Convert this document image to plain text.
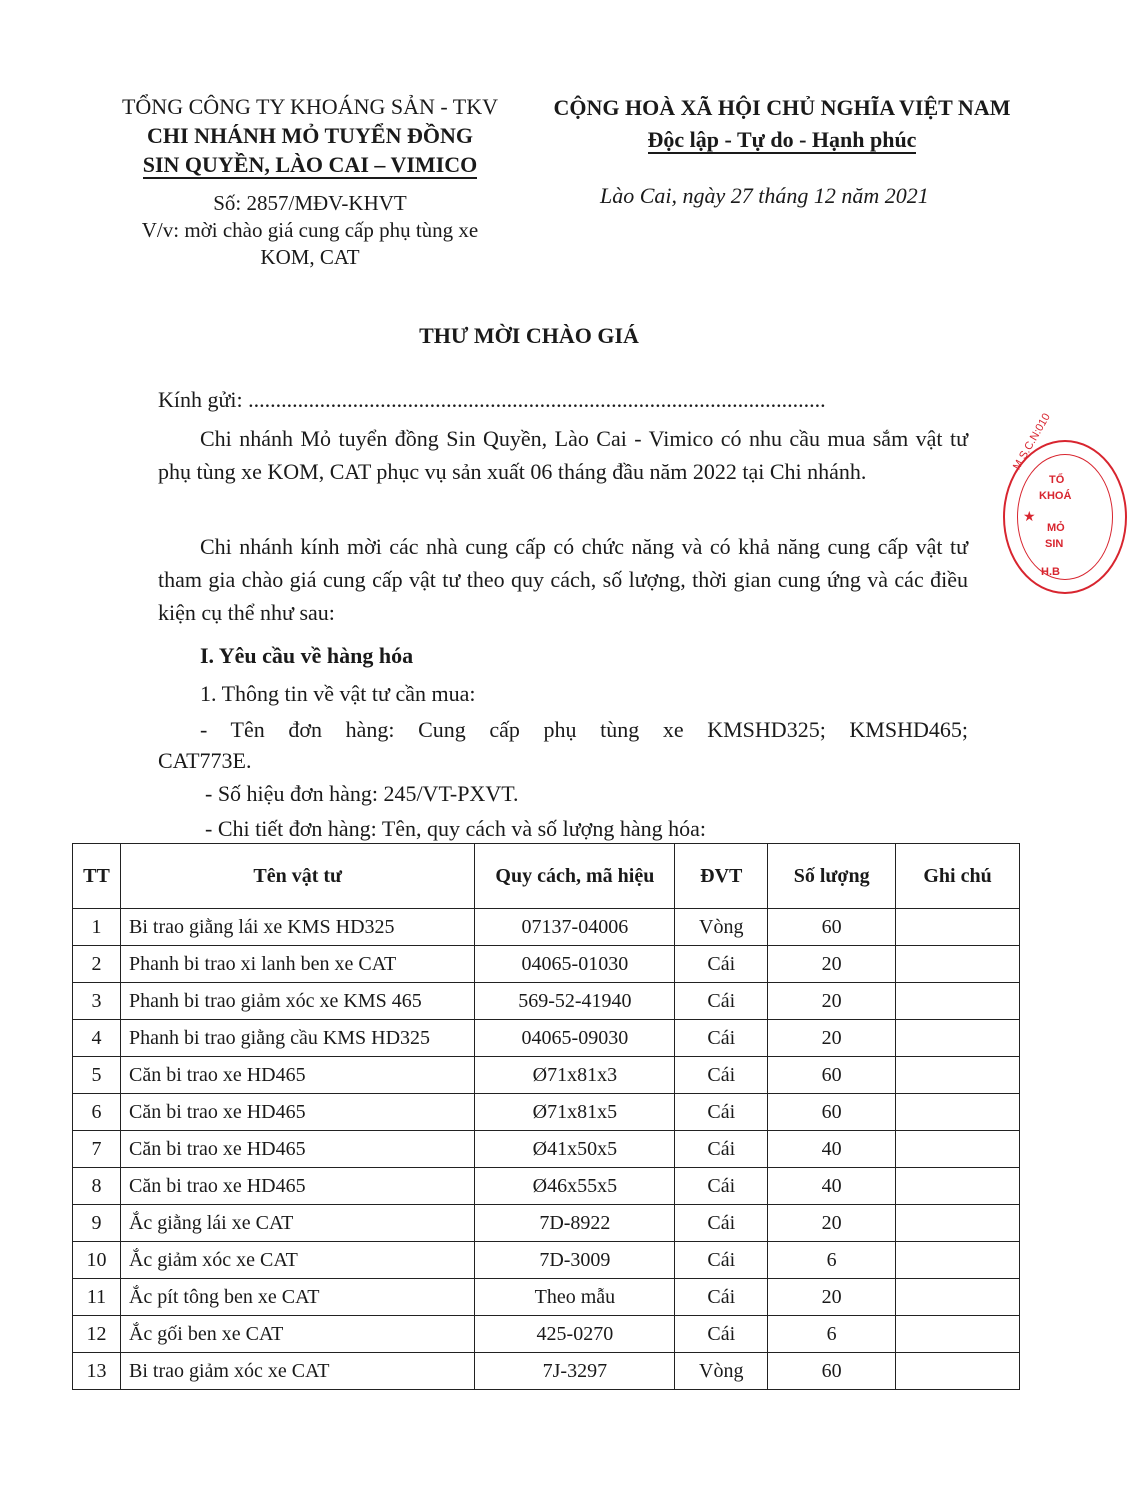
TỔNG CÔNG TY KHOÁNG SẢN - TKV
CHI NHÁNH MỎ TUYỂN ĐỒNG
SIN QUYỀN, LÀO CAI – VIMICO
Số: 2857/MĐV-KHVT
V/v: mời chào giá cung cấp phụ tùng xe
KOM, CAT
CỘNG HOÀ XÃ HỘI CHỦ NGHĨA VIỆT NAM
Độc lập - Tự do - Hạnh phúc
Lào Cai, ngày 27 tháng 12 năm 2021
M.S.C.N:010
TỔ
KHOÁ
★
MỎ
SIN
H.B
THƯ MỜI CHÀO GIÁ
Kính gửi: .........................................................................................................
Chi nhánh Mỏ tuyển đồng Sin Quyền, Lào Cai - Vimico có nhu cầu mua sắm vật tư phụ tùng xe KOM, CAT phục vụ sản xuất 06 tháng đầu năm 2022 tại Chi nhánh.
Chi nhánh kính mời các nhà cung cấp có chức năng và có khả năng cung cấp vật tư tham gia chào giá cung cấp vật tư theo quy cách, số lượng, thời gian cung ứng và các điều kiện cụ thể như sau:
I. Yêu cầu về hàng hóa
1. Thông tin về vật tư cần mua:
- Tên đơn hàng: Cung cấp phụ tùng xe KMSHD325; KMSHD465;
CAT773E.
- Số hiệu đơn hàng: 245/VT-PXVT.
- Chi tiết đơn hàng: Tên, quy cách và số lượng hàng hóa:
TT	Tên vật tư	Quy cách, mã hiệu	ĐVT	Số lượng	Ghi chú
1	Bi trao giằng lái xe KMS HD325	07137-04006	Vòng	60	
2	Phanh bi trao xi lanh ben xe CAT	04065-01030	Cái	20	
3	Phanh bi trao giảm xóc xe KMS 465	569-52-41940	Cái	20	
4	Phanh bi trao giằng cầu KMS HD325	04065-09030	Cái	20	
5	Căn bi trao xe HD465	Ø71x81x3	Cái	60	
6	Căn bi trao xe HD465	Ø71x81x5	Cái	60	
7	Căn bi trao xe HD465	Ø41x50x5	Cái	40	
8	Căn bi trao xe HD465	Ø46x55x5	Cái	40	
9	Ắc giằng lái xe CAT	7D-8922	Cái	20	
10	Ắc giảm xóc xe CAT	7D-3009	Cái	6	
11	Ắc pít tông ben xe CAT	Theo mẫu	Cái	20	
12	Ắc gối ben xe CAT	425-0270	Cái	6	
13	Bi trao giảm xóc xe CAT	7J-3297	Vòng	60	
